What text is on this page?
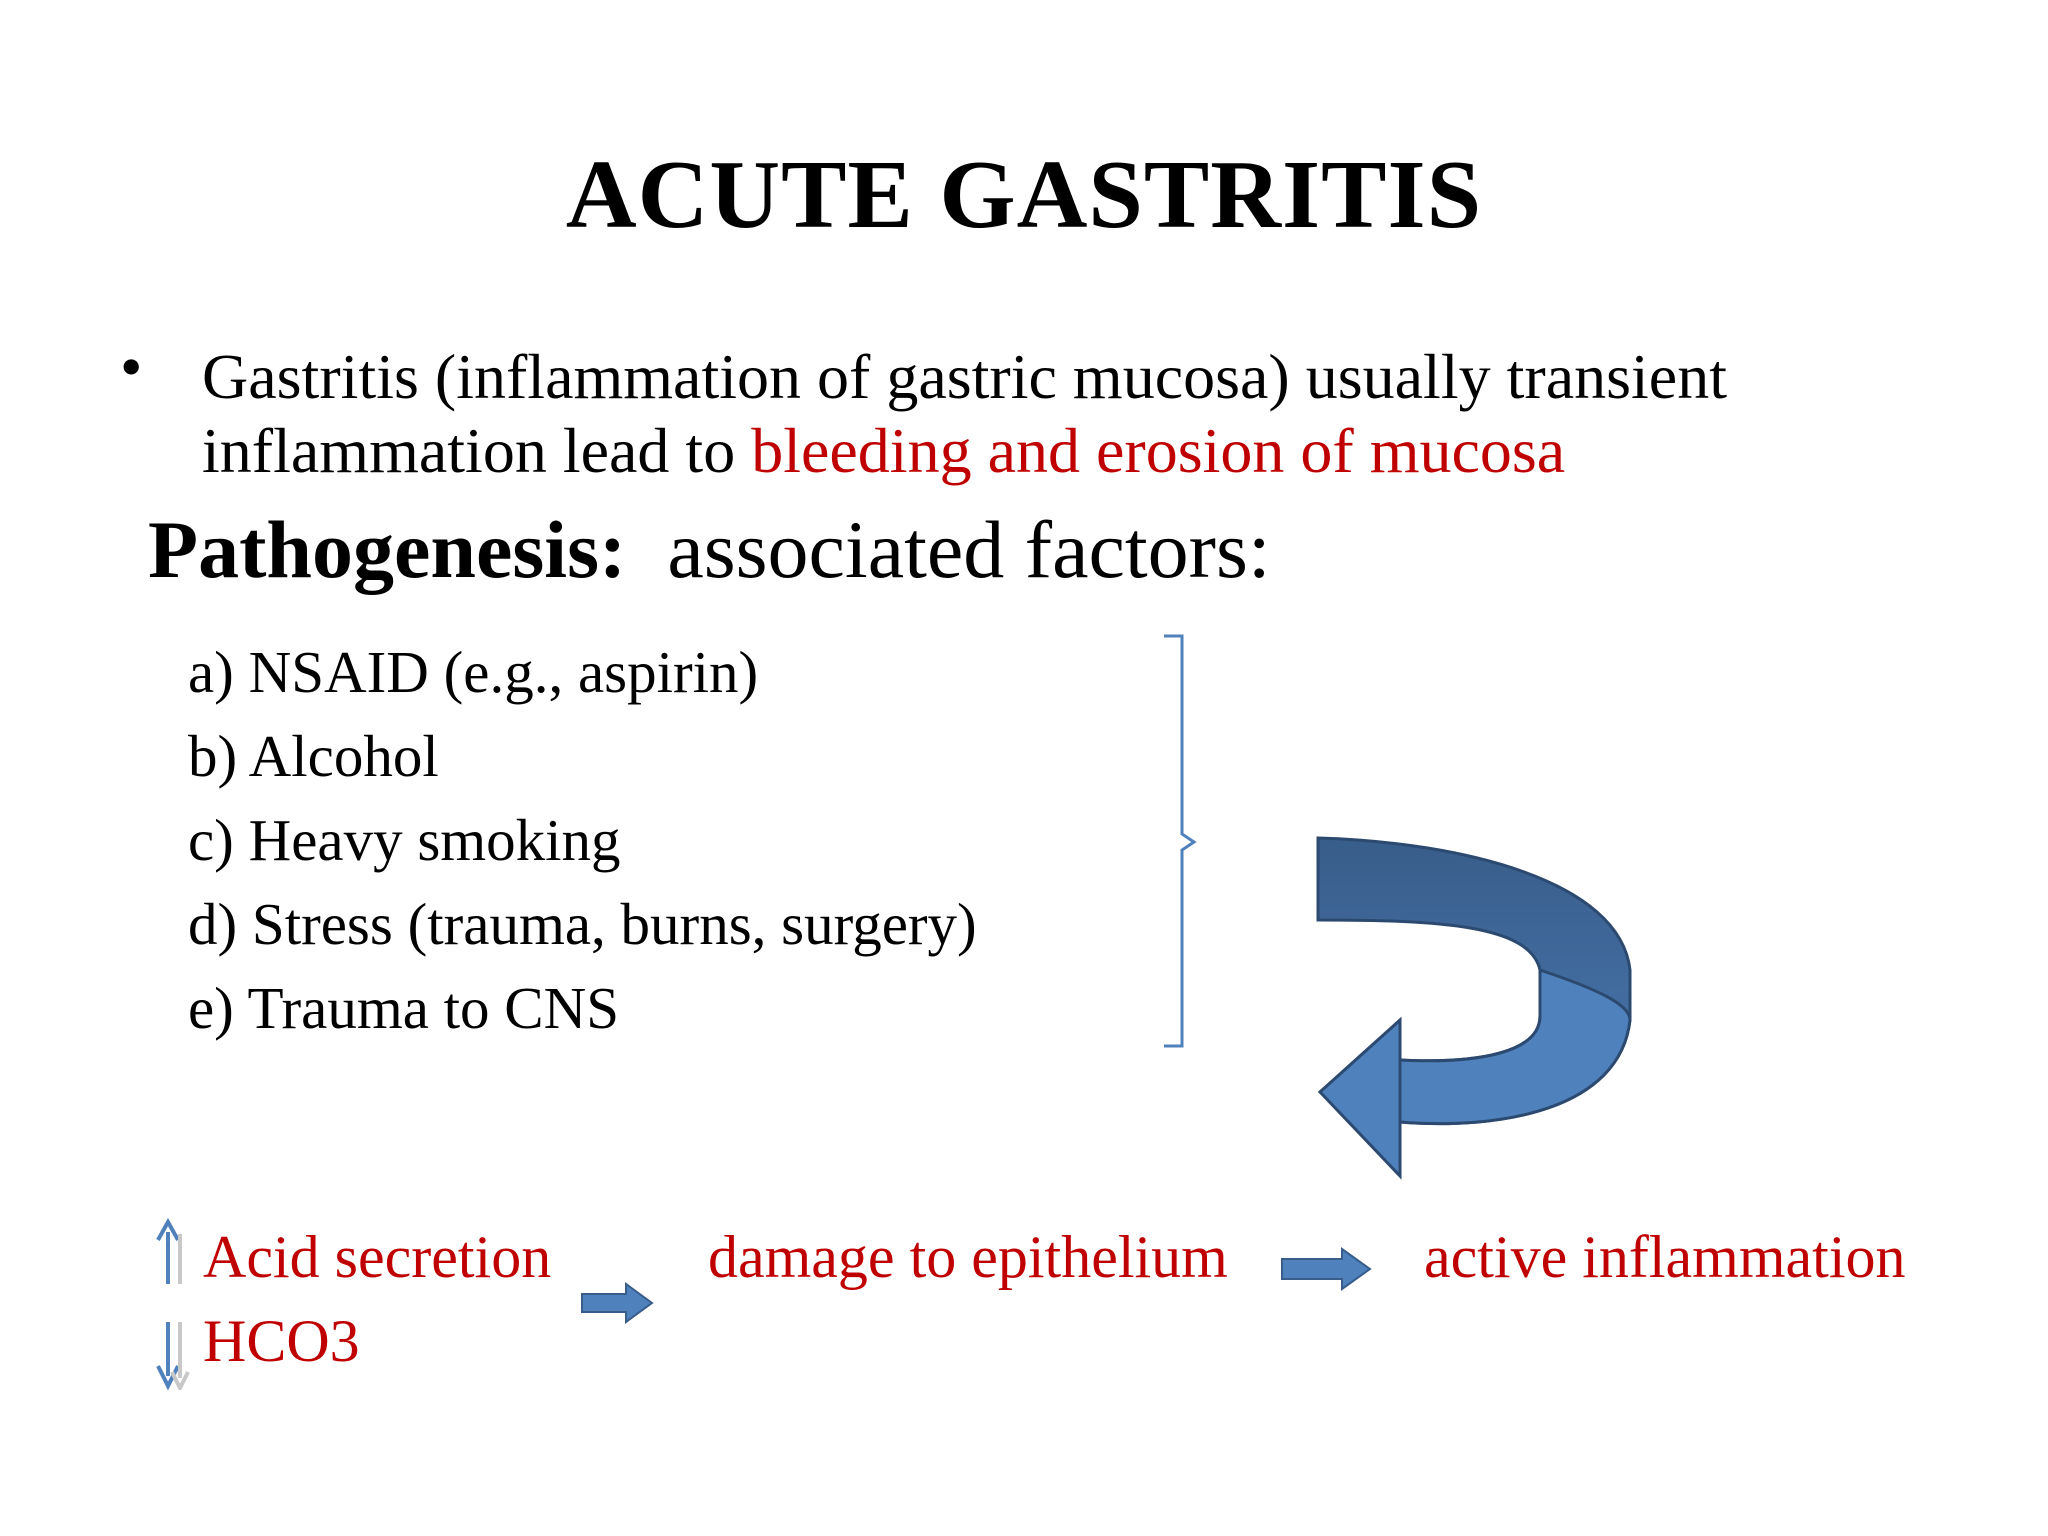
ACUTE GASTRITIS
• Gastritis (inflammation of gastric mucosa) usually transient
inflammation lead to bleeding and erosion of mucosa
Pathogenesis: associated factors:
a) NSAID (e.g., aspirin)
b) Alcohol
c) Heavy smoking
d) Stress (trauma, burns, surgery)
e) Trauma to CNS
Acid secretion
HCO3
damage to epithelium	active inflammation
